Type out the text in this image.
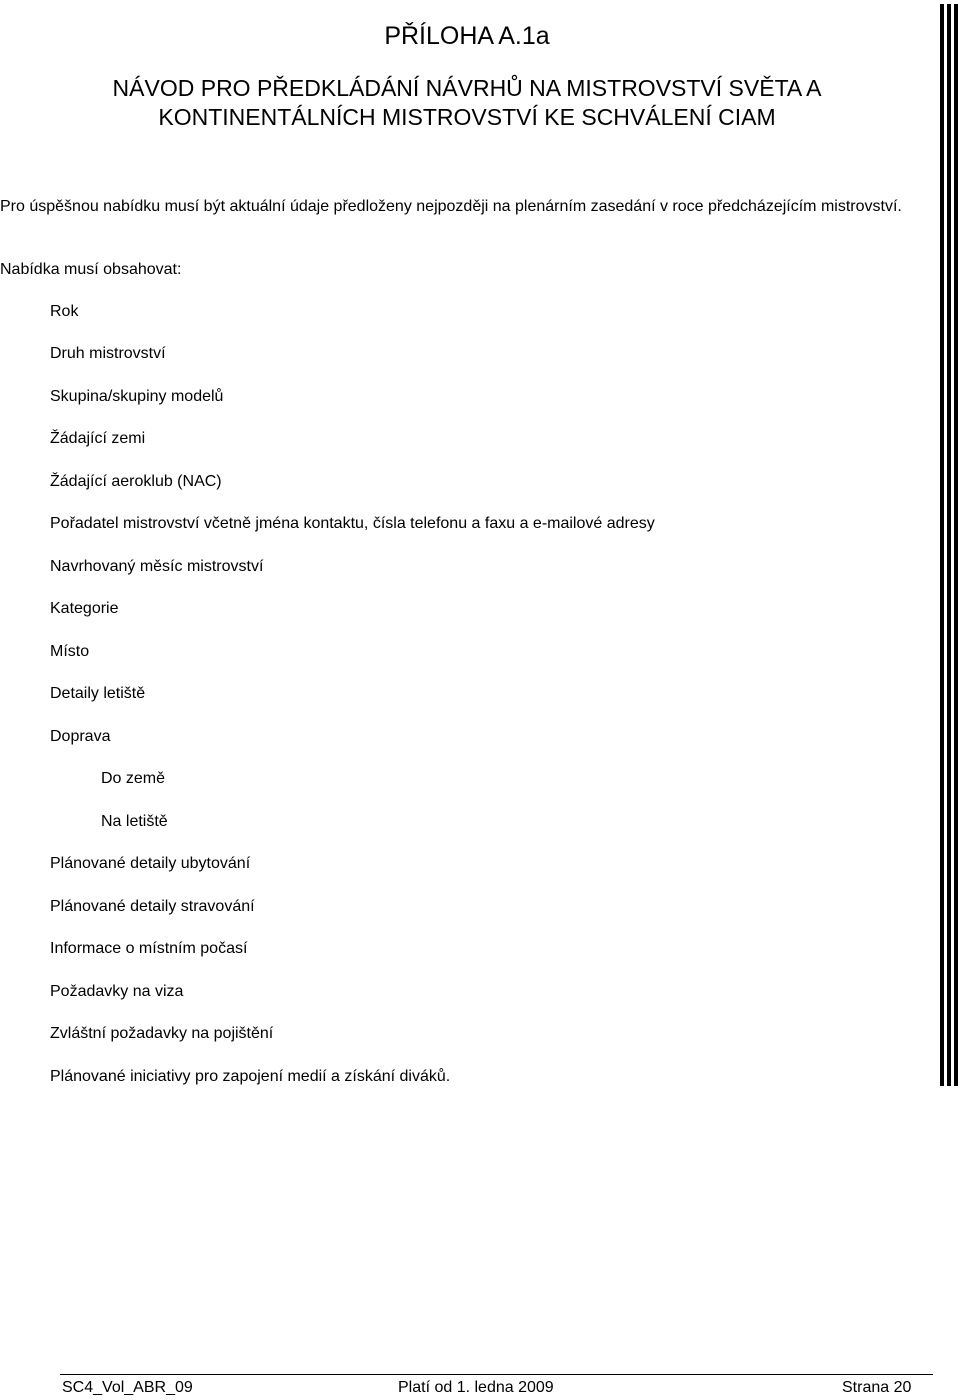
PŘÍLOHA A.1a
NÁVOD PRO PŘEDKLÁDÁNÍ NÁVRHŮ NA MISTROVSTVÍ SVĚTA A
KONTINENTÁLNÍCH MISTROVSTVÍ KE SCHVÁLENÍ CIAM

Pro úspěšnou nabídku musí být aktuální údaje předloženy nejpozději na plenárním zasedání v roce předcházejícím mistrovství.

Nabídka musí obsahovat:

Rok
Druh mistrovství
Skupina/skupiny modelů
Žádající zemi
Žádající aeroklub (NAC)
Pořadatel mistrovství včetně jména kontaktu, čísla telefonu a faxu a e-mailové adresy
Navrhovaný měsíc mistrovství
Kategorie
Místo
Detaily letiště
Doprava
Do země
Na letiště
Plánované detaily ubytování
Plánované detaily stravování
Informace o místním počasí
Požadavky na viza
Zvláštní požadavky na pojištění
Plánované iniciativy pro zapojení medií a získání diváků.
SC4_Vol_ABR_09	Platí od 1. ledna 2009	Strana 20
